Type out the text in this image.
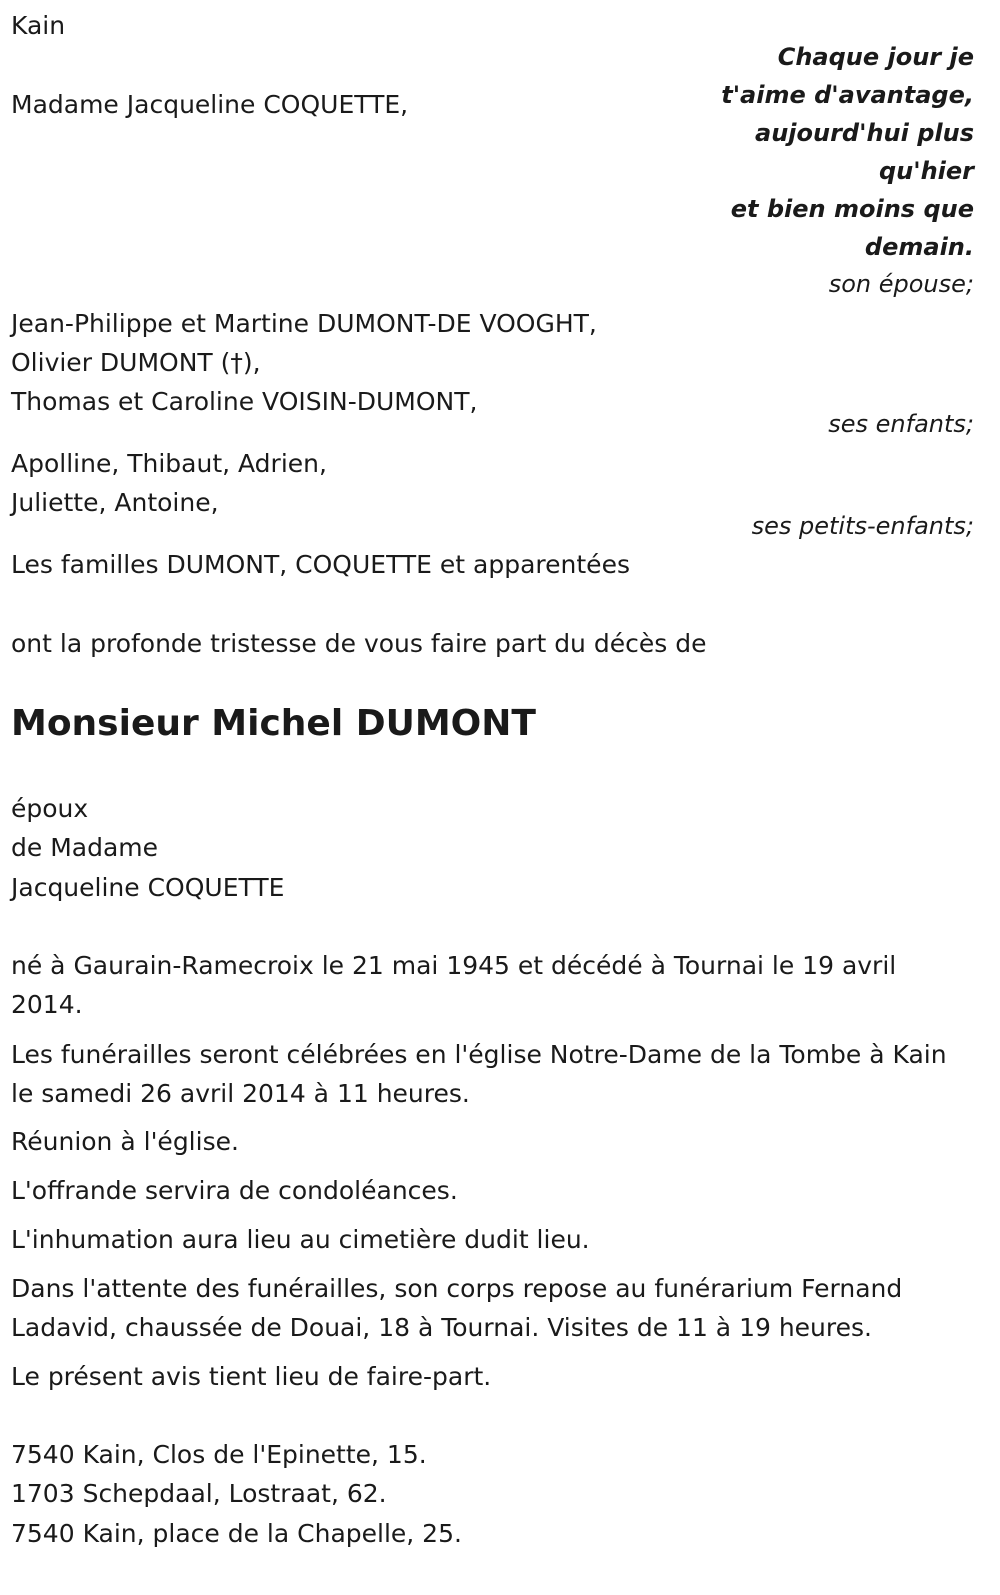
Kain
Madame Jacqueline COQUETTE,
Chaque jour je
t'aime d'avantage,
aujourd'hui plus
qu'hier
et bien moins que
demain.
son épouse;
Jean-Philippe et Martine DUMONT-DE VOOGHT,
Olivier DUMONT (†),
Thomas et Caroline VOISIN-DUMONT,
ses enfants;
Apolline, Thibaut, Adrien,
Juliette, Antoine,
ses petits-enfants;
Les familles DUMONT, COQUETTE et apparentées
ont la profonde tristesse de vous faire part du décès de
Monsieur Michel DUMONT
époux
de Madame
Jacqueline COQUETTE
né à Gaurain-Ramecroix le 21 mai 1945 et décédé à Tournai le 19 avril 2014.
Les funérailles seront célébrées en l'église Notre-Dame de la Tombe à Kain le samedi 26 avril 2014 à 11 heures.
Réunion à l'église.
L'offrande servira de condoléances.
L'inhumation aura lieu au cimetière dudit lieu.
Dans l'attente des funérailles, son corps repose au funérarium Fernand Ladavid, chaussée de Douai, 18 à Tournai. Visites de 11 à 19 heures.
Le présent avis tient lieu de faire-part.
7540 Kain, Clos de l'Epinette, 15.
1703 Schepdaal, Lostraat, 62.
7540 Kain, place de la Chapelle, 25.
